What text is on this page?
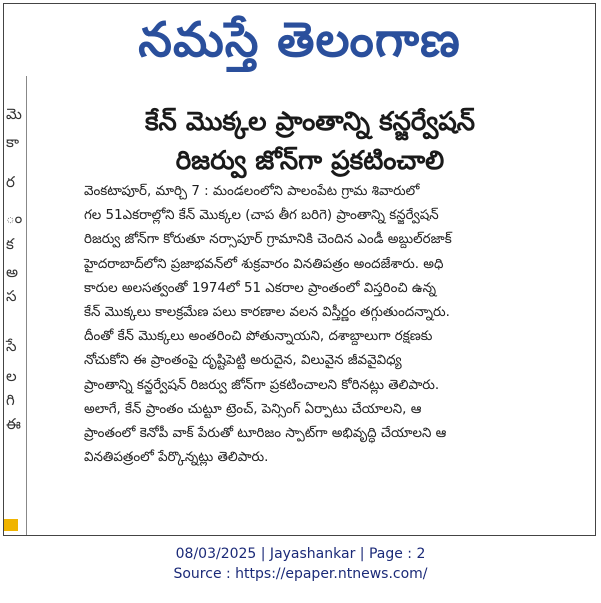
నమస్తే తెలంగాణ
మె
కా
ర
ం
క
అ
స
సే
ల
గి
ఈ
కేన్ మొక్కల ప్రాంతాన్ని కన్జర్వేషన్
రిజర్వు జోన్‌గా ప్రకటించాలి
వెంకటాపూర్, మార్చి 7 : మండలంలోని పాలంపేట గ్రామ శివారులో
గల 51ఎకరాల్లోని కేన్ మొక్కల (చాప తీగ బరిగె) ప్రాంతాన్ని కన్జర్వేషన్
రిజర్వు జోన్‌గా కోరుతూ నర్సాపూర్ గ్రామానికి చెందిన ఎండీ అబ్దుల్‌రజాక్
హైదరాబాద్‌లోని ప్రజాభవన్‌లో శుక్రవారం వినతిపత్రం అందజేశారు. అధి
కారుల అలసత్వంతో 1974లో 51 ఎకరాల ప్రాంతంలో విస్తరించి ఉన్న
కేన్ మొక్కలు కాలక్రమేణ పలు కారణాల వలన విస్తీర్ణం తగ్గుతుందన్నారు.
దీంతో కేన్ మొక్కలు అంతరించి పోతున్నాయని, దశాబ్దాలుగా రక్షణకు
నోచుకోని ఈ ప్రాంతంపై దృష్టిపెట్టి అరుదైన, విలువైన జీవవైవిధ్య
ప్రాంతాన్ని కన్జర్వేషన్ రిజర్వు జోన్‌గా ప్రకటించాలని కోరినట్లు తెలిపారు.
అలాగే, కేన్ ప్రాంతం చుట్టూ ట్రెంచ్, పెన్సింగ్ ఏర్పాటు చేయాలని, ఆ
ప్రాంతంలో కెనోపీ వాక్ పేరుతో టూరిజం స్పాట్‌గా అభివృద్ధి చేయాలని ఆ
వినతిపత్రంలో పేర్కొన్నట్లు తెలిపారు.
08/03/2025 | Jayashankar | Page : 2
Source : https://epaper.ntnews.com/
